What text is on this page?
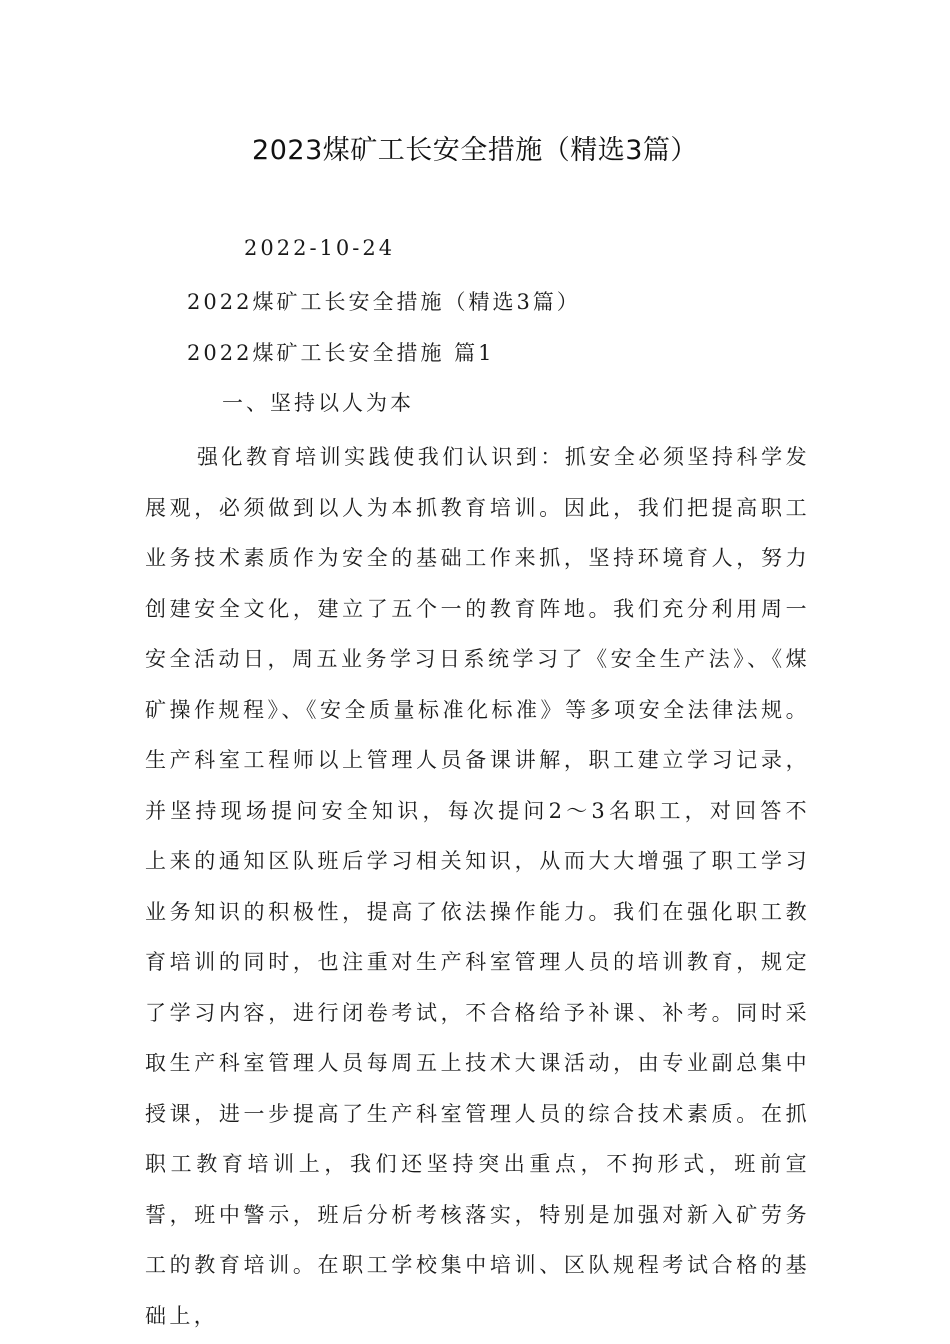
2023煤矿工长安全措施（精选3篇）
2022-10-24
2022煤矿工长安全措施（精选3篇）
2022煤矿工长安全措施 篇1
一、坚持以人为本

强化教育培训实践使我们认识到：抓安全必须坚持科学发展观，必须做到以人为本抓教育培训。因此，我们把提高职工业务技术素质作为安全的基础工作来抓，坚持环境育人，努力创建安全文化，建立了五个一的教育阵地。我们充分利用周一安全活动日，周五业务学习日系统学习了《安全生产法》、《煤矿操作规程》、《安全质量标准化标准》等多项安全法律法规。生产科室工程师以上管理人员备课讲解，职工建立学习记录，并坚持现场提问安全知识，每次提问2～3名职工，对回答不上来的通知区队班后学习相关知识，从而大大增强了职工学习业务知识的积极性，提高了依法操作能力。我们在强化职工教育培训的同时，也注重对生产科室管理人员的培训教育，规定了学习内容，进行闭卷考试，不合格给予补课、补考。同时采取生产科室管理人员每周五上技术大课活动，由专业副总集中授课，进一步提高了生产科室管理人员的综合技术素质。在抓职工教育培训上，我们还坚持突出重点，不拘形式，班前宣誓，班中警示，班后分析考核落实，特别是加强对新入矿劳务工的教育培训。在职工学校集中培训、区队规程考试合格的基础上，
